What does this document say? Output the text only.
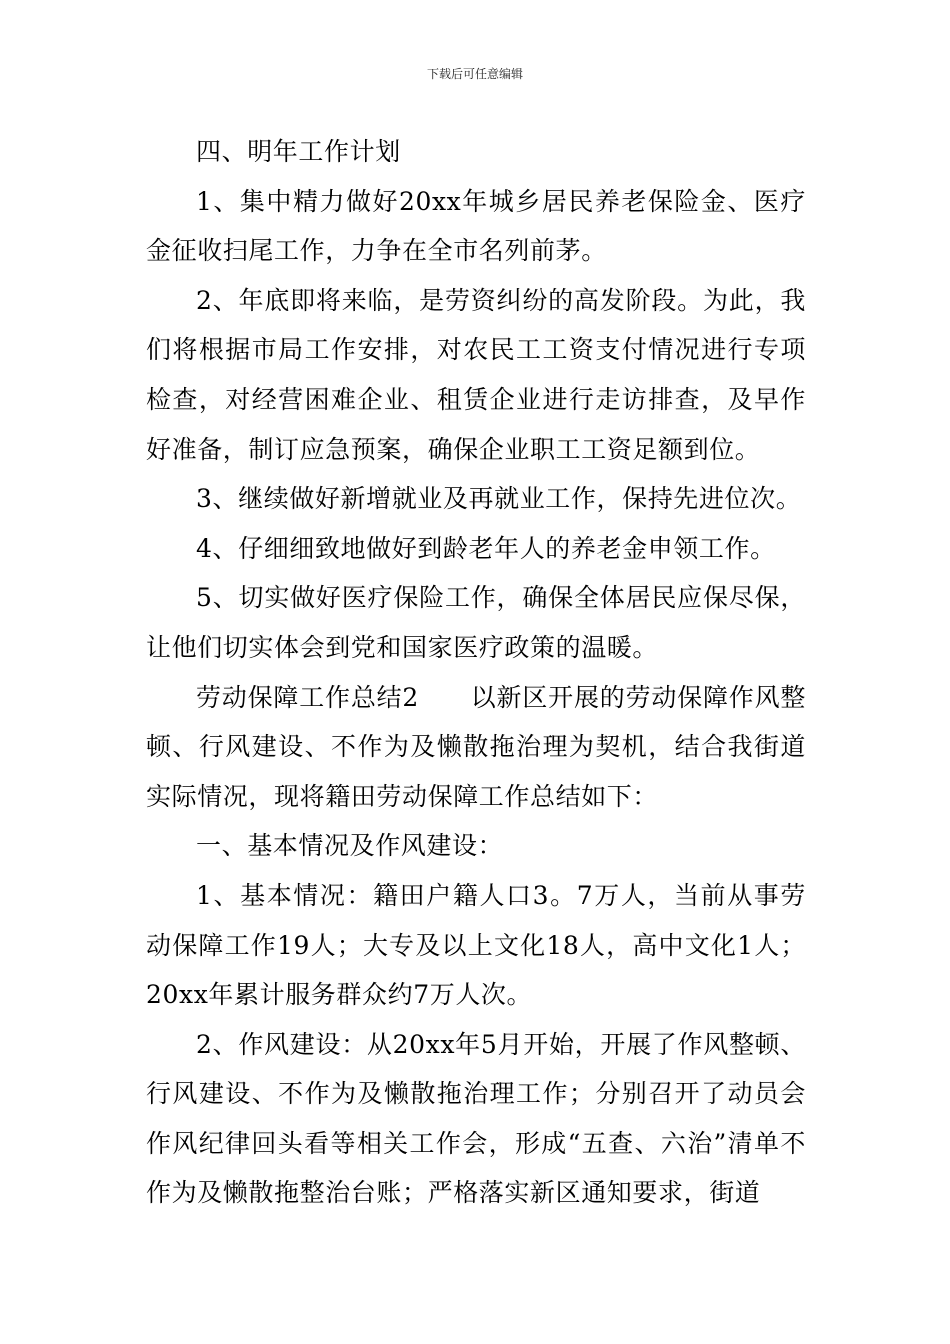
下载后可任意编辑

四、明年工作计划

1、集中精力做好20xx年城乡居民养老保险金、医疗金征收扫尾工作，力争在全市名列前茅。

2、年底即将来临，是劳资纠纷的高发阶段。为此，我们将根据市局工作安排，对农民工工资支付情况进行专项检查，对经营困难企业、租赁企业进行走访排查，及早作好准备，制订应急预案，确保企业职工工资足额到位。

3、继续做好新增就业及再就业工作，保持先进位次。

4、仔细细致地做好到龄老年人的养老金申领工作。

5、切实做好医疗保险工作，确保全体居民应保尽保，让他们切实体会到党和国家医疗政策的温暖。

劳动保障工作总结2　　以新区开展的劳动保障作风整顿、行风建设、不作为及懒散拖治理为契机，结合我街道实际情况，现将籍田劳动保障工作总结如下：

一、基本情况及作风建设：

1、基本情况：籍田户籍人口3。7万人，当前从事劳动保障工作19人；大专及以上文化18人，高中文化1人；20xx年累计服务群众约7万人次。

2、作风建设：从20xx年5月开始，开展了作风整顿、行风建设、不作为及懒散拖治理工作；分别召开了动员会作风纪律回头看等相关工作会，形成“五查、六治”清单不作为及懒散拖整治台账；严格落实新区通知要求，街道
